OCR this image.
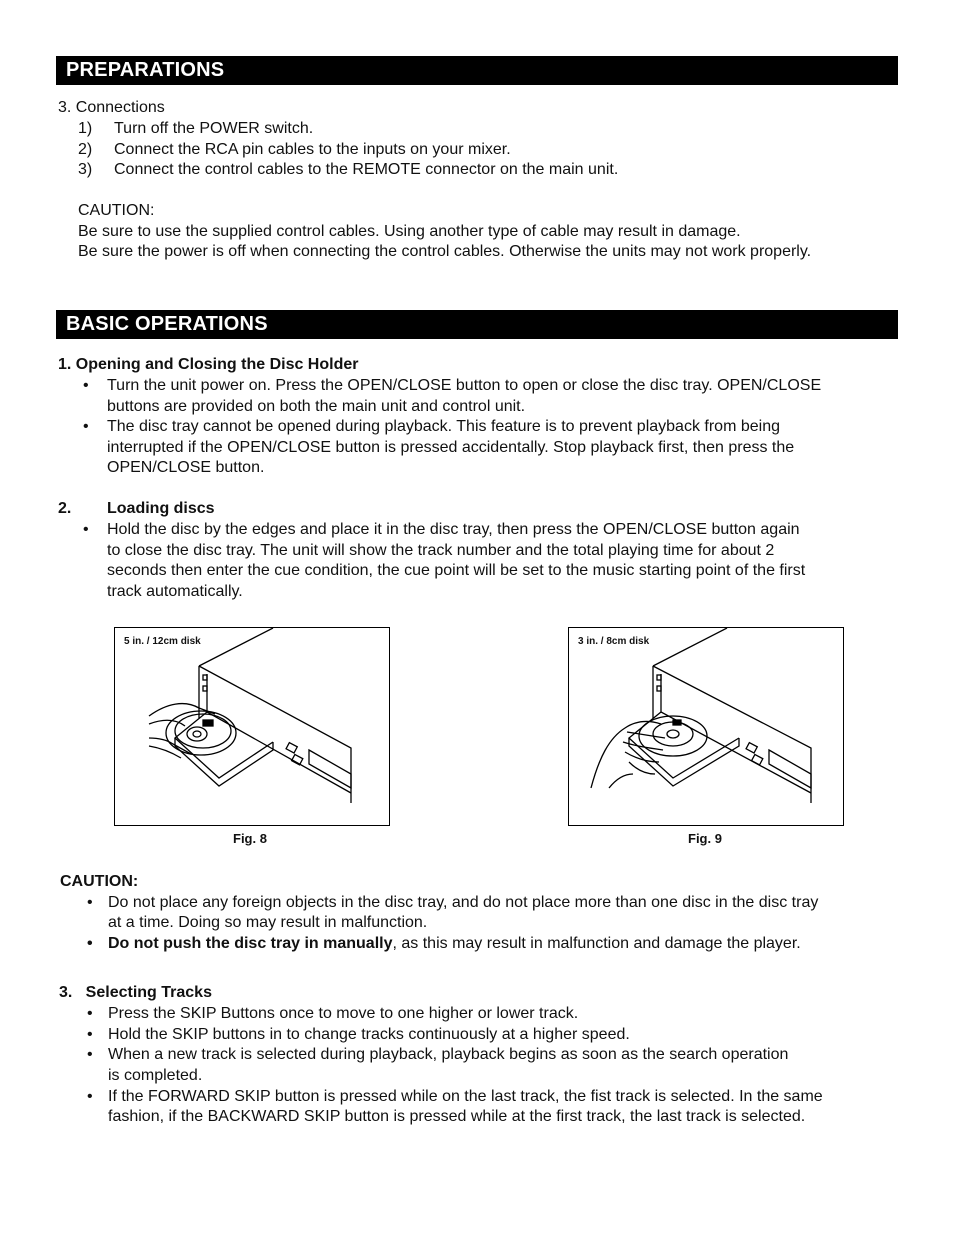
PREPARATIONS
3. Connections
1) Turn off the POWER switch.
2) Connect the RCA pin cables to the inputs on your mixer.
3) Connect the control cables to the REMOTE connector on the main unit.
CAUTION:
Be sure to use the supplied control cables. Using another type of cable may result in damage.
Be sure the power is off when connecting the control cables. Otherwise the units may not work properly.
BASIC OPERATIONS
1. Opening and Closing the Disc Holder
• Turn the unit power on. Press the OPEN/CLOSE button to open or close the disc tray. OPEN/CLOSE
buttons are provided on both the main unit and control unit.
• The disc tray cannot be opened during playback. This feature is to prevent playback from being
interrupted if the OPEN/CLOSE button is pressed accidentally. Stop playback first, then press the
OPEN/CLOSE button.
2. Loading discs
• Hold the disc by the edges and place it in the disc tray, then press the OPEN/CLOSE button again
to close the disc tray. The unit will show the track number and the total playing time for about 2
seconds then enter the cue condition, the cue point will be set to the music starting point of the first
track automatically.
5 in. / 12cm disk
Fig. 8
3 in. / 8cm disk
Fig. 9
CAUTION:
• Do not place any foreign objects in the disc tray, and do not place more than one disc in the disc tray
at a time. Doing so may result in malfunction.
• Do not push the disc tray in manually, as this may result in malfunction and damage the player.
3.   Selecting Tracks
• Press the SKIP Buttons once to move to one higher or lower track.
• Hold the SKIP buttons in to change tracks continuously at a higher speed.
• When a new track is selected during playback, playback begins as soon as the search operation
is completed.
• If the FORWARD SKIP button is pressed while on the last track, the fist track is selected. In the same
fashion, if the BACKWARD SKIP button is pressed while at the first track, the last track is selected.
